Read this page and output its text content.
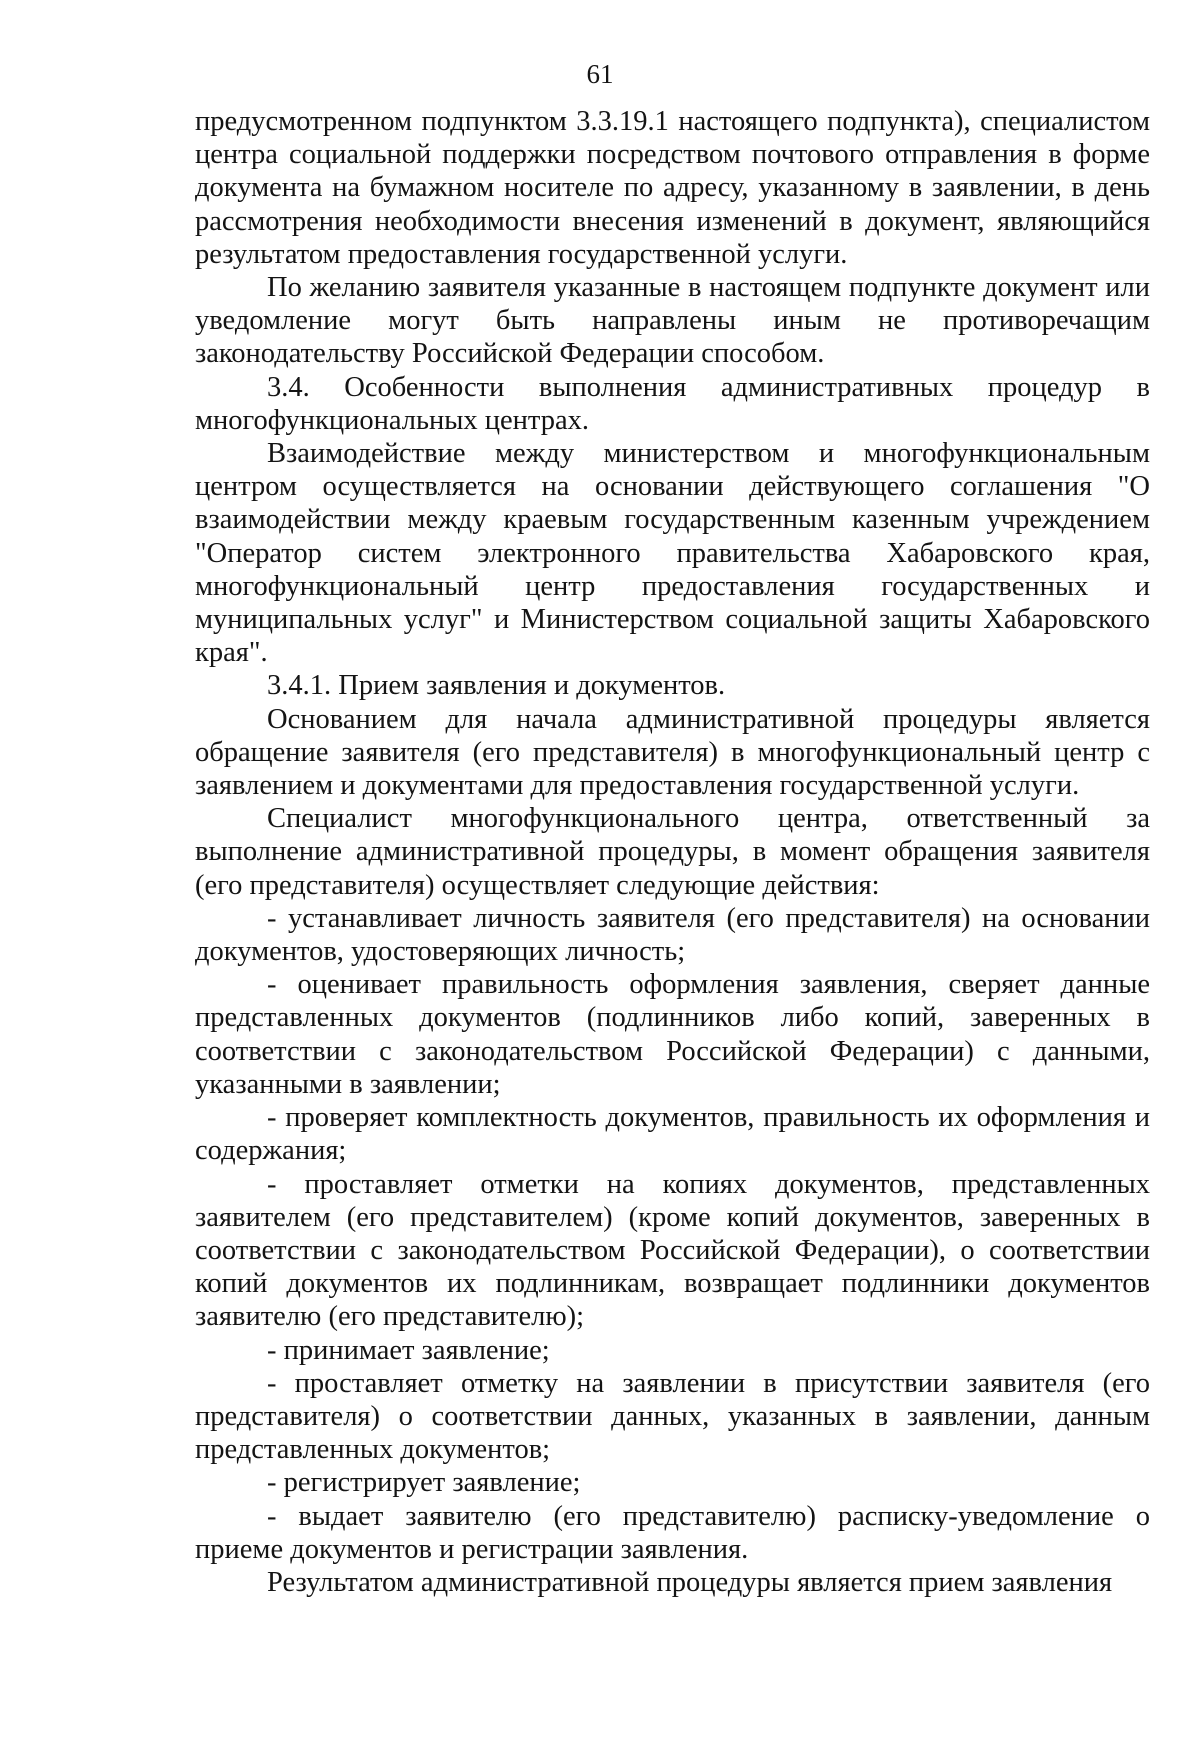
61

предусмотренном подпунктом 3.3.19.1 настоящего подпункта), специалистом центра социальной поддержки посредством почтового отправления в форме документа на бумажном носителе по адресу, указанному в заявлении, в день рассмотрения необходимости внесения изменений в документ, являющийся результатом предоставления государственной услуги.

По желанию заявителя указанные в настоящем подпункте документ или уведомление могут быть направлены иным не противоречащим законодательству Российской Федерации способом.

3.4. Особенности выполнения административных процедур в многофункциональных центрах.

Взаимодействие между министерством и многофункциональным центром осуществляется на основании действующего соглашения "О взаимодействии между краевым государственным казенным учреждением "Оператор систем электронного правительства Хабаровского края, многофункциональный центр предоставления государственных и муниципальных услуг" и Министерством социальной защиты Хабаровского края".

3.4.1. Прием заявления и документов.

Основанием для начала административной процедуры является обращение заявителя (его представителя) в многофункциональный центр с заявлением и документами для предоставления государственной услуги.

Специалист многофункционального центра, ответственный за выполнение административной процедуры, в момент обращения заявителя (его представителя) осуществляет следующие действия:

- устанавливает личность заявителя (его представителя) на основании документов, удостоверяющих личность;

- оценивает правильность оформления заявления, сверяет данные представленных документов (подлинников либо копий, заверенных в соответствии с законодательством Российской Федерации) с данными, указанными в заявлении;

- проверяет комплектность документов, правильность их оформления и содержания;

- проставляет отметки на копиях документов, представленных заявителем (его представителем) (кроме копий документов, заверенных в соответствии с законодательством Российской Федерации), о соответствии копий документов их подлинникам, возвращает подлинники документов заявителю (его представителю);

- принимает заявление;

- проставляет отметку на заявлении в присутствии заявителя (его представителя) о соответствии данных, указанных в заявлении, данным представленных документов;

- регистрирует заявление;

- выдает заявителю (его представителю) расписку-уведомление о приеме документов и регистрации заявления.

Результатом административной процедуры является прием заявления
